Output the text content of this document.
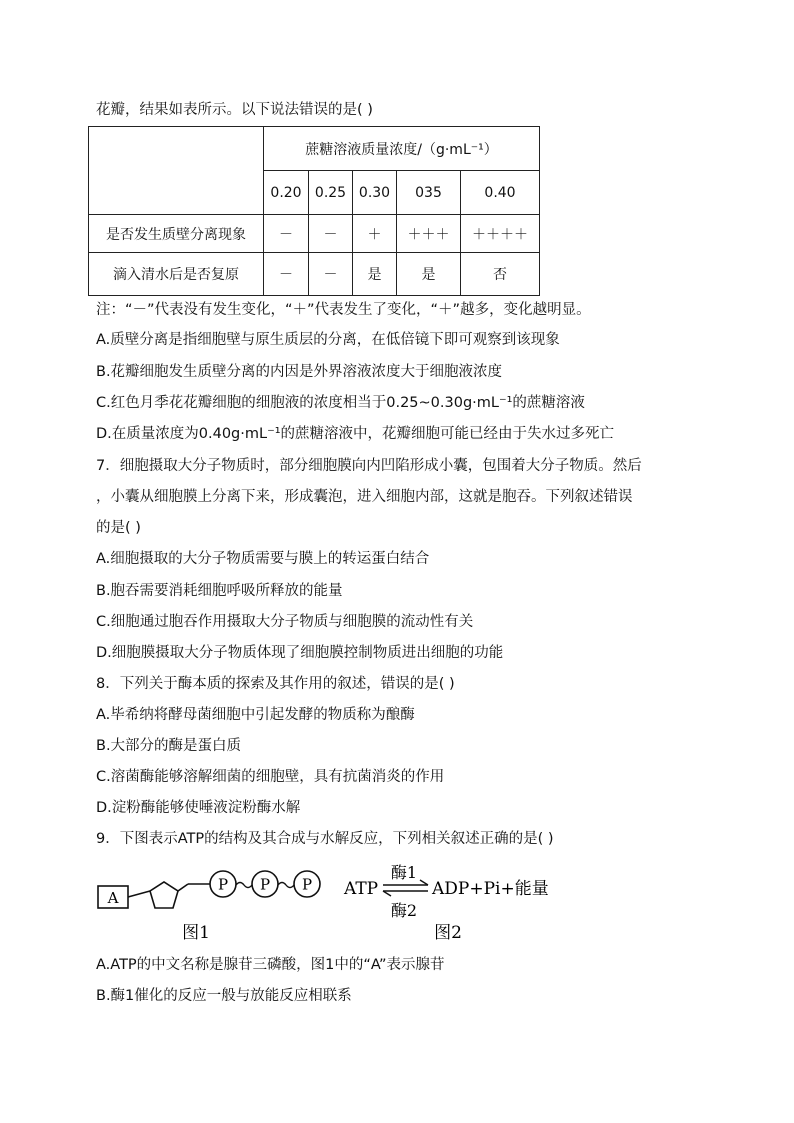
花瓣，结果如表所示。以下说法错误的是( )
	蔗糖溶液质量浓度/（g·mL⁻¹）				
	0.20	0.25	0.30	035	0.40
是否发生质壁分离现象	－	－	＋	＋＋＋	＋＋＋＋
滴入清水后是否复原	－	－	是	是	否
注：“－”代表没有发生变化，“＋”代表发生了变化，“＋”越多，变化越明显。
A.质壁分离是指细胞壁与原生质层的分离，在低倍镜下即可观察到该现象
B.花瓣细胞发生质壁分离的内因是外界溶液浓度大于细胞液浓度
C.红色月季花花瓣细胞的细胞液的浓度相当于0.25~0.30g·mL⁻¹的蔗糖溶液
D.在质量浓度为0.40g·mL⁻¹的蔗糖溶液中，花瓣细胞可能已经由于失水过多死亡
7．细胞摄取大分子物质时，部分细胞膜向内凹陷形成小囊，包围着大分子物质。然后
，小囊从细胞膜上分离下来，形成囊泡，进入细胞内部，这就是胞吞。下列叙述错误
的是( )
A.细胞摄取的大分子物质需要与膜上的转运蛋白结合
B.胞吞需要消耗细胞呼吸所释放的能量
C.细胞通过胞吞作用摄取大分子物质与细胞膜的流动性有关
D.细胞膜摄取大分子物质体现了细胞膜控制物质进出细胞的功能
8．下列关于酶本质的探索及其作用的叙述，错误的是( )
A.毕希纳将酵母菌细胞中引起发酵的物质称为酿酶
B.大部分的酶是蛋白质
C.溶菌酶能够溶解细菌的细胞壁，具有抗菌消炎的作用
D.淀粉酶能够使唾液淀粉酶水解
9．下图表示ATP的结构及其合成与水解反应，下列相关叙述正确的是( )
A
P P P
图1
ATP
酶1
酶2
ADP+Pi+能量
图2
A.ATP的中文名称是腺苷三磷酸，图1中的“A”表示腺苷
B.酶1催化的反应一般与放能反应相联系
